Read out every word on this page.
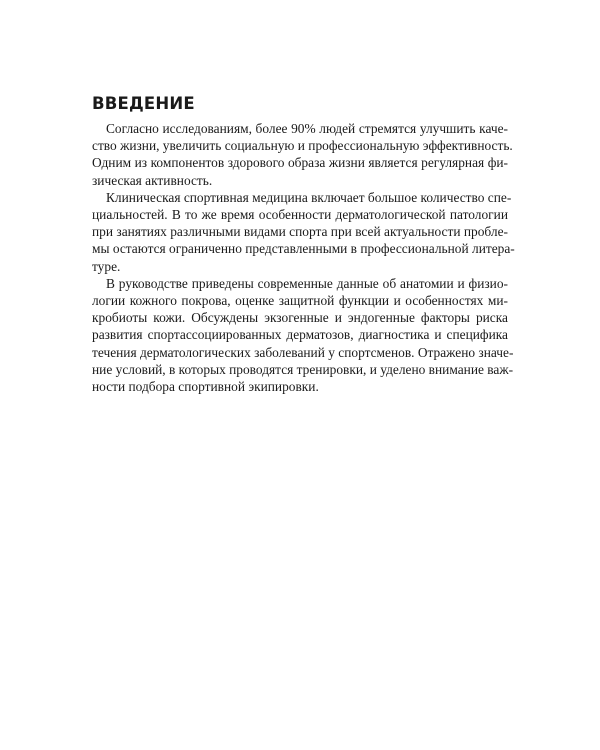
ВВЕДЕНИЕ
Согласно исследованиям, более 90% людей стремятся улучшить каче-
ство жизни, увеличить социальную и профессиональную эффективность.
Одним из компонентов здорового образа жизни является регулярная фи-
зическая активность.
Клиническая спортивная медицина включает большое количество спе-
циальностей. В то же время особенности дерматологической патологии
при занятиях различными видами спорта при всей актуальности пробле-
мы остаются ограниченно представленными в профессиональной литера-
туре.
В руководстве приведены современные данные об анатомии и физио-
логии кожного покрова, оценке защитной функции и особенностях ми-
кробиоты кожи. Обсуждены экзогенные и эндогенные факторы риска
развития спортассоциированных дерматозов, диагностика и специфика
течения дерматологических заболеваний у спортсменов. Отражено значе-
ние условий, в которых проводятся тренировки, и уделено внимание важ-
ности подбора спортивной экипировки.
